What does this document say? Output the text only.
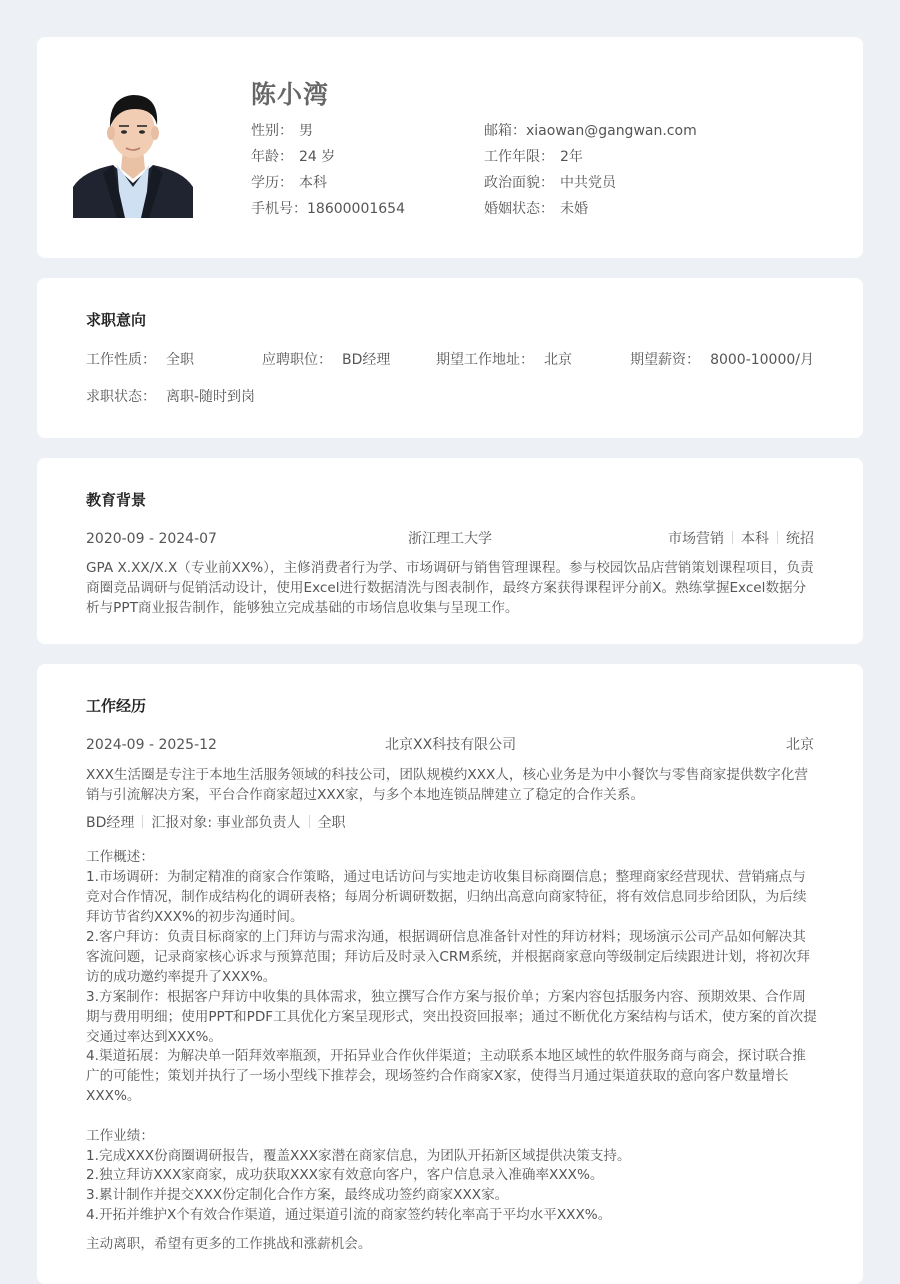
陈小湾
性别： 男
年龄： 24 岁
学历： 本科
手机号：18600001654
邮箱：xiaowan@gangwan.com
工作年限： 2年
政治面貌： 中共党员
婚姻状态： 未婚
求职意向
工作性质： 全职	应聘职位： BD经理	期望工作地址： 北京	期望薪资： 8000-10000/月
求职状态： 离职-随时到岗
教育背景
2020-09 - 2024-07	浙江理工大学	市场营销 本科 统招

GPA X.XX/X.X（专业前XX%），主修消费者行为学、市场调研与销售管理课程。参与校园饮品店营销策划课程项目，负责商圈竞品调研与促销活动设计，使用Excel进行数据清洗与图表制作，最终方案获得课程评分前X。熟练掌握Excel数据分析与PPT商业报告制作，能够独立完成基础的市场信息收集与呈现工作。

工作经历
2024-09 - 2025-12	北京XX科技有限公司	北京

XXX生活圈是专注于本地生活服务领域的科技公司，团队规模约XXX人，核心业务是为中小餐饮与零售商家提供数字化营销与引流解决方案，平台合作商家超过XXX家，与多个本地连锁品牌建立了稳定的合作关系。

BD经理 汇报对象: 事业部负责人 全职

工作概述：

1.市场调研：为制定精准的商家合作策略，通过电话访问与实地走访收集目标商圈信息；整理商家经营现状、营销痛点与竞对合作情况，制作成结构化的调研表格；每周分析调研数据，归纳出高意向商家特征，将有效信息同步给团队，为后续拜访节省约XXX%的初步沟通时间。

2.客户拜访：负责目标商家的上门拜访与需求沟通，根据调研信息准备针对性的拜访材料；现场演示公司产品如何解决其客流问题，记录商家核心诉求与预算范围；拜访后及时录入CRM系统，并根据商家意向等级制定后续跟进计划，将初次拜访的成功邀约率提升了XXX%。

3.方案制作：根据客户拜访中收集的具体需求，独立撰写合作方案与报价单；方案内容包括服务内容、预期效果、合作周期与费用明细；使用PPT和PDF工具优化方案呈现形式，突出投资回报率；通过不断优化方案结构与话术，使方案的首次提交通过率达到XXX%。

4.渠道拓展：为解决单一陌拜效率瓶颈，开拓异业合作伙伴渠道；主动联系本地区域性的软件服务商与商会，探讨联合推广的可能性；策划并执行了一场小型线下推荐会，现场签约合作商家X家，使得当月通过渠道获取的意向客户数量增长XXX%。

工作业绩：

1.完成XXX份商圈调研报告，覆盖XXX家潜在商家信息，为团队开拓新区域提供决策支持。

2.独立拜访XXX家商家，成功获取XXX家有效意向客户，客户信息录入准确率XXX%。

3.累计制作并提交XXX份定制化合作方案，最终成功签约商家XXX家。

4.开拓并维护X个有效合作渠道，通过渠道引流的商家签约转化率高于平均水平XXX%。

主动离职，希望有更多的工作挑战和涨薪机会。
